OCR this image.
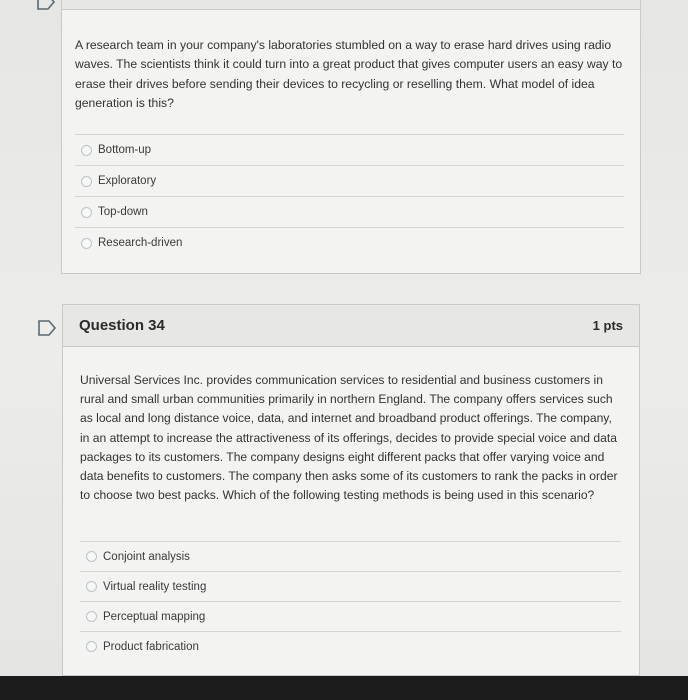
A research team in your company's laboratories stumbled on a way to erase hard drives using radio waves. The scientists think it could turn into a great product that gives computer users an easy way to erase their drives before sending their devices to recycling or reselling them. What model of idea generation is this?
Bottom-up
Exploratory
Top-down
Research-driven
Question 34	1 pts
Universal Services Inc. provides communication services to residential and business customers in rural and small urban communities primarily in northern England. The company offers services such as local and long distance voice, data, and internet and broadband product offerings. The company, in an attempt to increase the attractiveness of its offerings, decides to provide special voice and data packages to its customers. The company designs eight different packs that offer varying voice and data benefits to customers. The company then asks some of its customers to rank the packs in order to choose two best packs. Which of the following testing methods is being used in this scenario?
Conjoint analysis
Virtual reality testing
Perceptual mapping
Product fabrication
